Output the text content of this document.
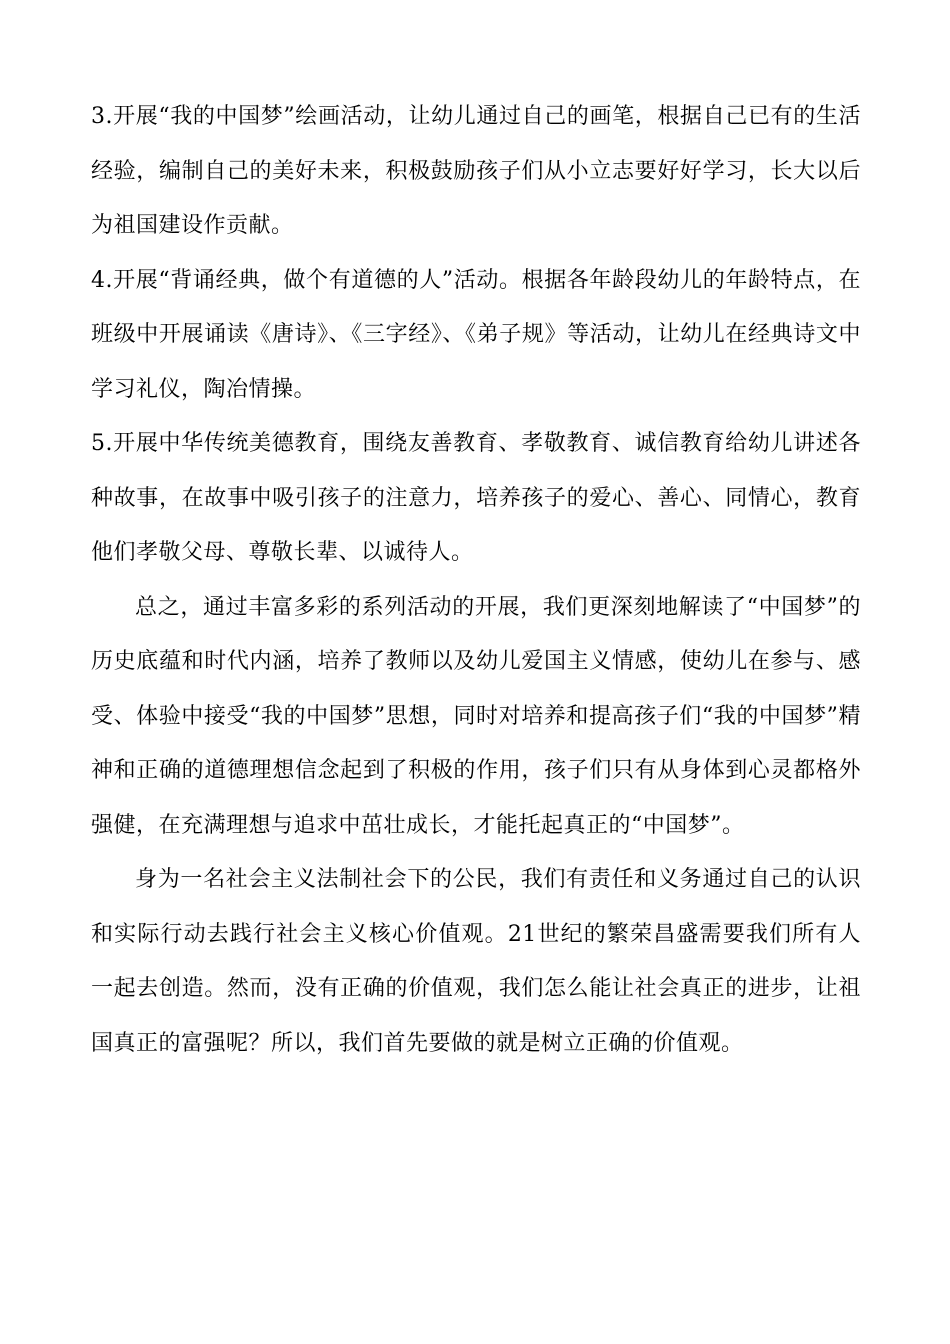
3.开展“我的中国梦”绘画活动，让幼儿通过自己的画笔，根据自己已有的生活经验，编制自己的美好未来，积极鼓励孩子们从小立志要好好学习，长大以后为祖国建设作贡献。

4.开展“背诵经典，做个有道德的人”活动。根据各年龄段幼儿的年龄特点，在班级中开展诵读《唐诗》、《三字经》、《弟子规》等活动，让幼儿在经典诗文中学习礼仪，陶冶情操。

5.开展中华传统美德教育，围绕友善教育、孝敬教育、诚信教育给幼儿讲述各种故事，在故事中吸引孩子的注意力，培养孩子的爱心、善心、同情心，教育他们孝敬父母、尊敬长辈、以诚待人。

总之，通过丰富多彩的系列活动的开展，我们更深刻地解读了“中国梦”的历史底蕴和时代内涵，培养了教师以及幼儿爱国主义情感，使幼儿在参与、感受、体验中接受“我的中国梦”思想，同时对培养和提高孩子们“我的中国梦”精神和正确的道德理想信念起到了积极的作用，孩子们只有从身体到心灵都格外强健，在充满理想与追求中茁壮成长，才能托起真正的“中国梦”。

身为一名社会主义法制社会下的公民，我们有责任和义务通过自己的认识和实际行动去践行社会主义核心价值观。21世纪的繁荣昌盛需要我们所有人一起去创造。然而，没有正确的价值观，我们怎么能让社会真正的进步，让祖国真正的富强呢？所以，我们首先要做的就是树立正确的价值观。
